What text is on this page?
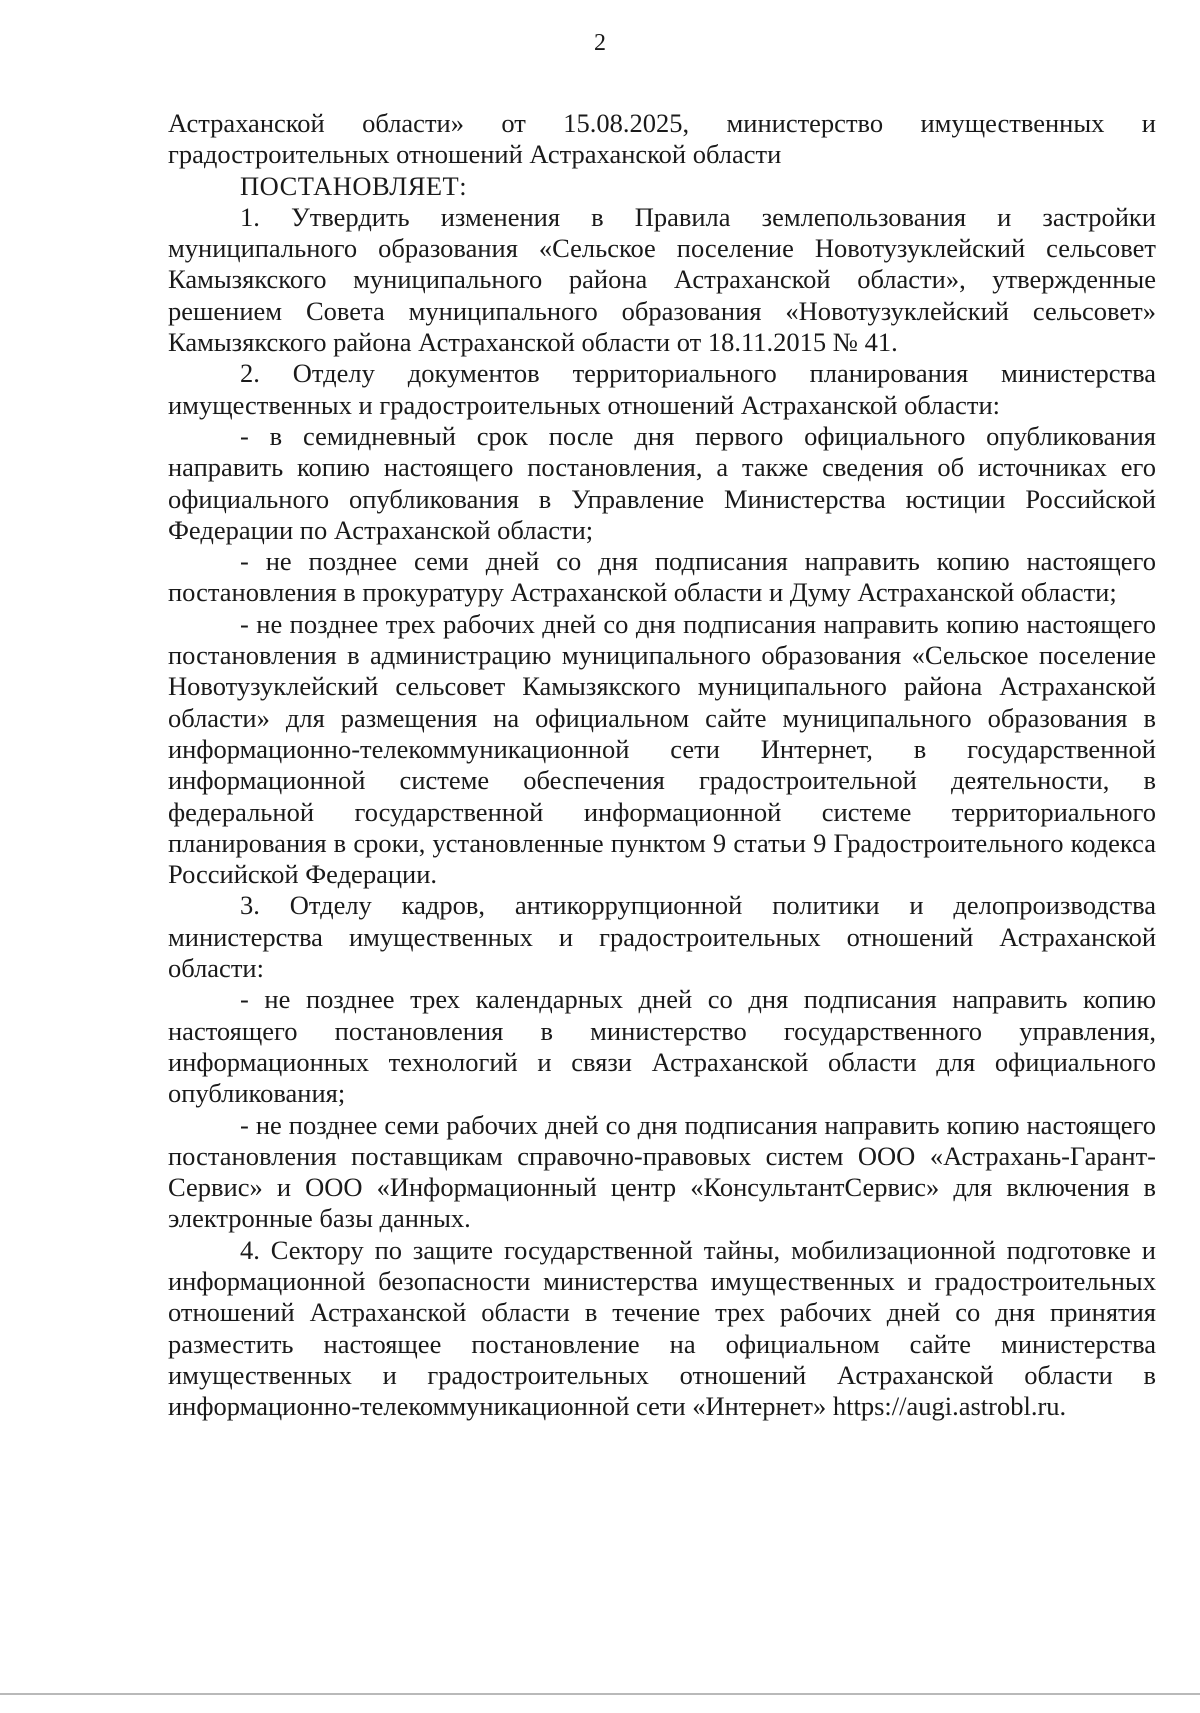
2

Астраханской области» от 15.08.2025, министерство имущественных и градостроительных отношений Астраханской области

ПОСТАНОВЛЯЕТ:

1. Утвердить изменения в Правила землепользования и застройки муниципального образования «Сельское поселение Новотузуклейский сельсовет Камызякского муниципального района Астраханской области», утвержденные решением Совета муниципального образования «Новотузуклейский сельсовет» Камызякского района Астраханской области от 18.11.2015 № 41.

2. Отделу документов территориального планирования министерства имущественных и градостроительных отношений Астраханской области:

- в семидневный срок после дня первого официального опубликования направить копию настоящего постановления, а также сведения об источниках его официального опубликования в Управление Министерства юстиции Российской Федерации по Астраханской области;

- не позднее семи дней со дня подписания направить копию настоящего постановления в прокуратуру Астраханской области и Думу Астраханской области;

- не позднее трех рабочих дней со дня подписания направить копию настоящего постановления в администрацию муниципального образования «Сельское поселение Новотузуклейский сельсовет Камызякского муниципального района Астраханской области» для размещения на официальном сайте муниципального образования в информационно-телекоммуникационной сети Интернет, в государственной информационной системе обеспечения градостроительной деятельности, в федеральной государственной информационной системе территориального планирования в сроки, установленные пунктом 9 статьи 9 Градостроительного кодекса Российской Федерации.

3. Отделу кадров, антикоррупционной политики и делопроизводства министерства имущественных и градостроительных отношений Астраханской области:

- не позднее трех календарных дней со дня подписания направить копию настоящего постановления в министерство государственного управления, информационных технологий и связи Астраханской области для официального опубликования;

- не позднее семи рабочих дней со дня подписания направить копию настоящего постановления поставщикам справочно-правовых систем ООО «Астрахань-Гарант-Сервис» и ООО «Информационный центр «КонсультантСервис» для включения в электронные базы данных.

4. Сектору по защите государственной тайны, мобилизационной подготовке и информационной безопасности министерства имущественных и градостроительных отношений Астраханской области в течение трех рабочих дней со дня принятия разместить настоящее постановление на официальном сайте министерства имущественных и градостроительных отношений Астраханской области в информационно-телекоммуникационной сети «Интернет» https://augi.astrobl.ru.
